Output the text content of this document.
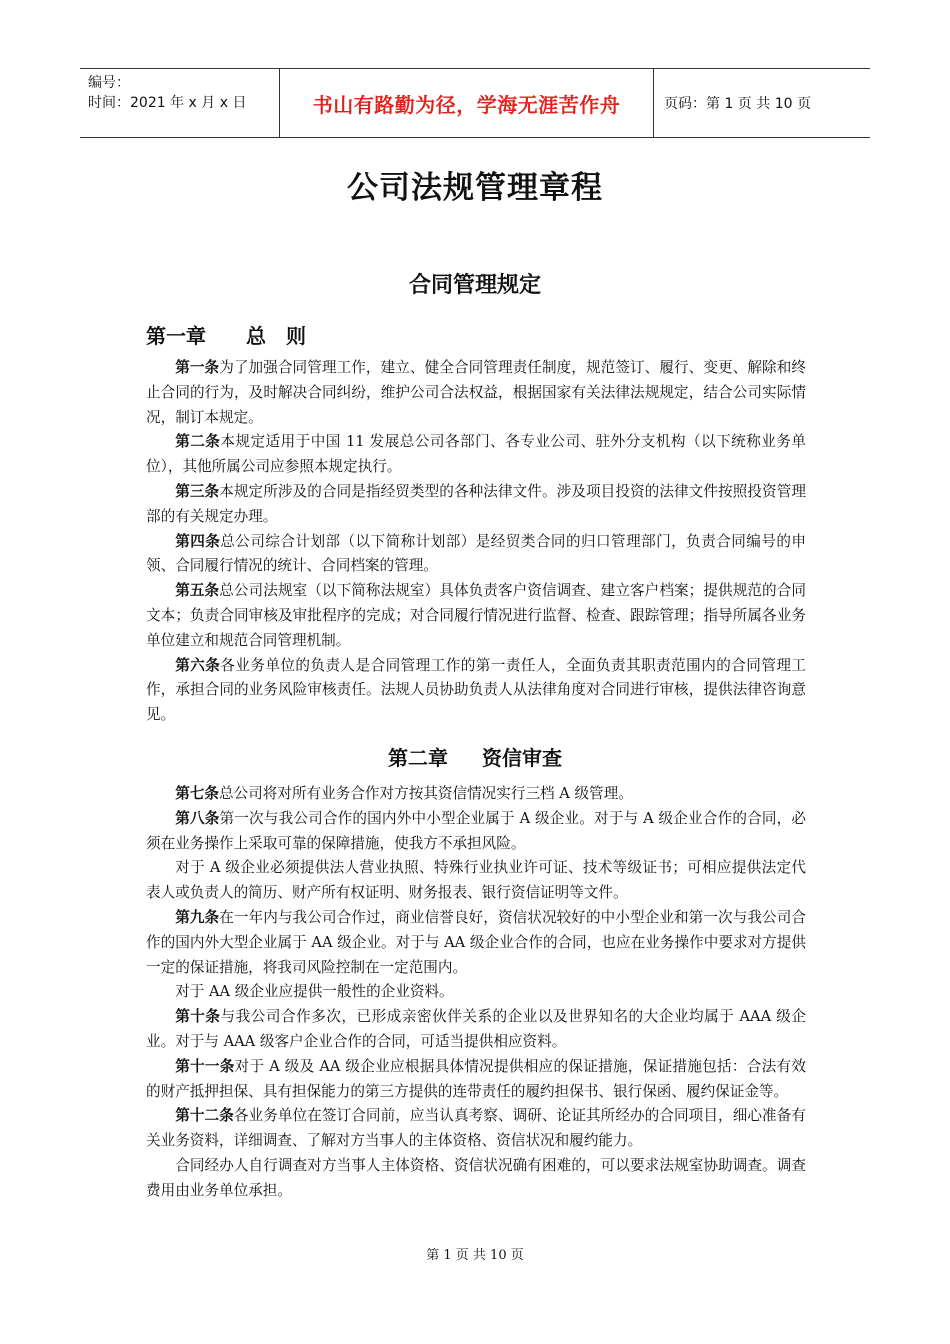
编号：
时间：2021 年 x 月 x 日	书山有路勤为径，学海无涯苦作舟	页码：第 1 页 共 10 页
公司法规管理章程
合同管理规定
第一章 总　则

第一条为了加强合同管理工作，建立、健全合同管理责任制度，规范签订、履行、变更、解除和终止合同的行为，及时解决合同纠纷，维护公司合法权益，根据国家有关法律法规规定，结合公司实际情况，制订本规定。

第二条本规定适用于中国 11 发展总公司各部门、各专业公司、驻外分支机构（以下统称业务单位），其他所属公司应参照本规定执行。

第三条本规定所涉及的合同是指经贸类型的各种法律文件。涉及项目投资的法律文件按照投资管理部的有关规定办理。

第四条总公司综合计划部（以下简称计划部）是经贸类合同的归口管理部门，负责合同编号的申领、合同履行情况的统计、合同档案的管理。

第五条总公司法规室（以下简称法规室）具体负责客户资信调查、建立客户档案；提供规范的合同文本；负责合同审核及审批程序的完成；对合同履行情况进行监督、检查、跟踪管理；指导所属各业务单位建立和规范合同管理机制。

第六条各业务单位的负责人是合同管理工作的第一责任人，全面负责其职责范围内的合同管理工作，承担合同的业务风险审核责任。法规人员协助负责人从法律角度对合同进行审核，提供法律咨询意见。

第二章 资信审查

第七条总公司将对所有业务合作对方按其资信情况实行三档 A 级管理。

第八条第一次与我公司合作的国内外中小型企业属于 A 级企业。对于与 A 级企业合作的合同，必须在业务操作上采取可靠的保障措施，使我方不承担风险。

对于 A 级企业必须提供法人营业执照、特殊行业执业许可证、技术等级证书；可相应提供法定代表人或负责人的简历、财产所有权证明、财务报表、银行资信证明等文件。

第九条在一年内与我公司合作过，商业信誉良好，资信状况较好的中小型企业和第一次与我公司合作的国内外大型企业属于 AA 级企业。对于与 AA 级企业合作的合同，也应在业务操作中要求对方提供一定的保证措施，将我司风险控制在一定范围内。

对于 AA 级企业应提供一般性的企业资料。

第十条与我公司合作多次，已形成亲密伙伴关系的企业以及世界知名的大企业均属于 AAA 级企业。对于与 AAA 级客户企业合作的合同，可适当提供相应资料。

第十一条对于 A 级及 AA 级企业应根据具体情况提供相应的保证措施，保证措施包括：合法有效的财产抵押担保、具有担保能力的第三方提供的连带责任的履约担保书、银行保函、履约保证金等。

第十二条各业务单位在签订合同前，应当认真考察、调研、论证其所经办的合同项目，细心准备有关业务资料，详细调查、了解对方当事人的主体资格、资信状况和履约能力。

合同经办人自行调查对方当事人主体资格、资信状况确有困难的，可以要求法规室协助调查。调查费用由业务单位承担。

第 1 页 共 10 页
